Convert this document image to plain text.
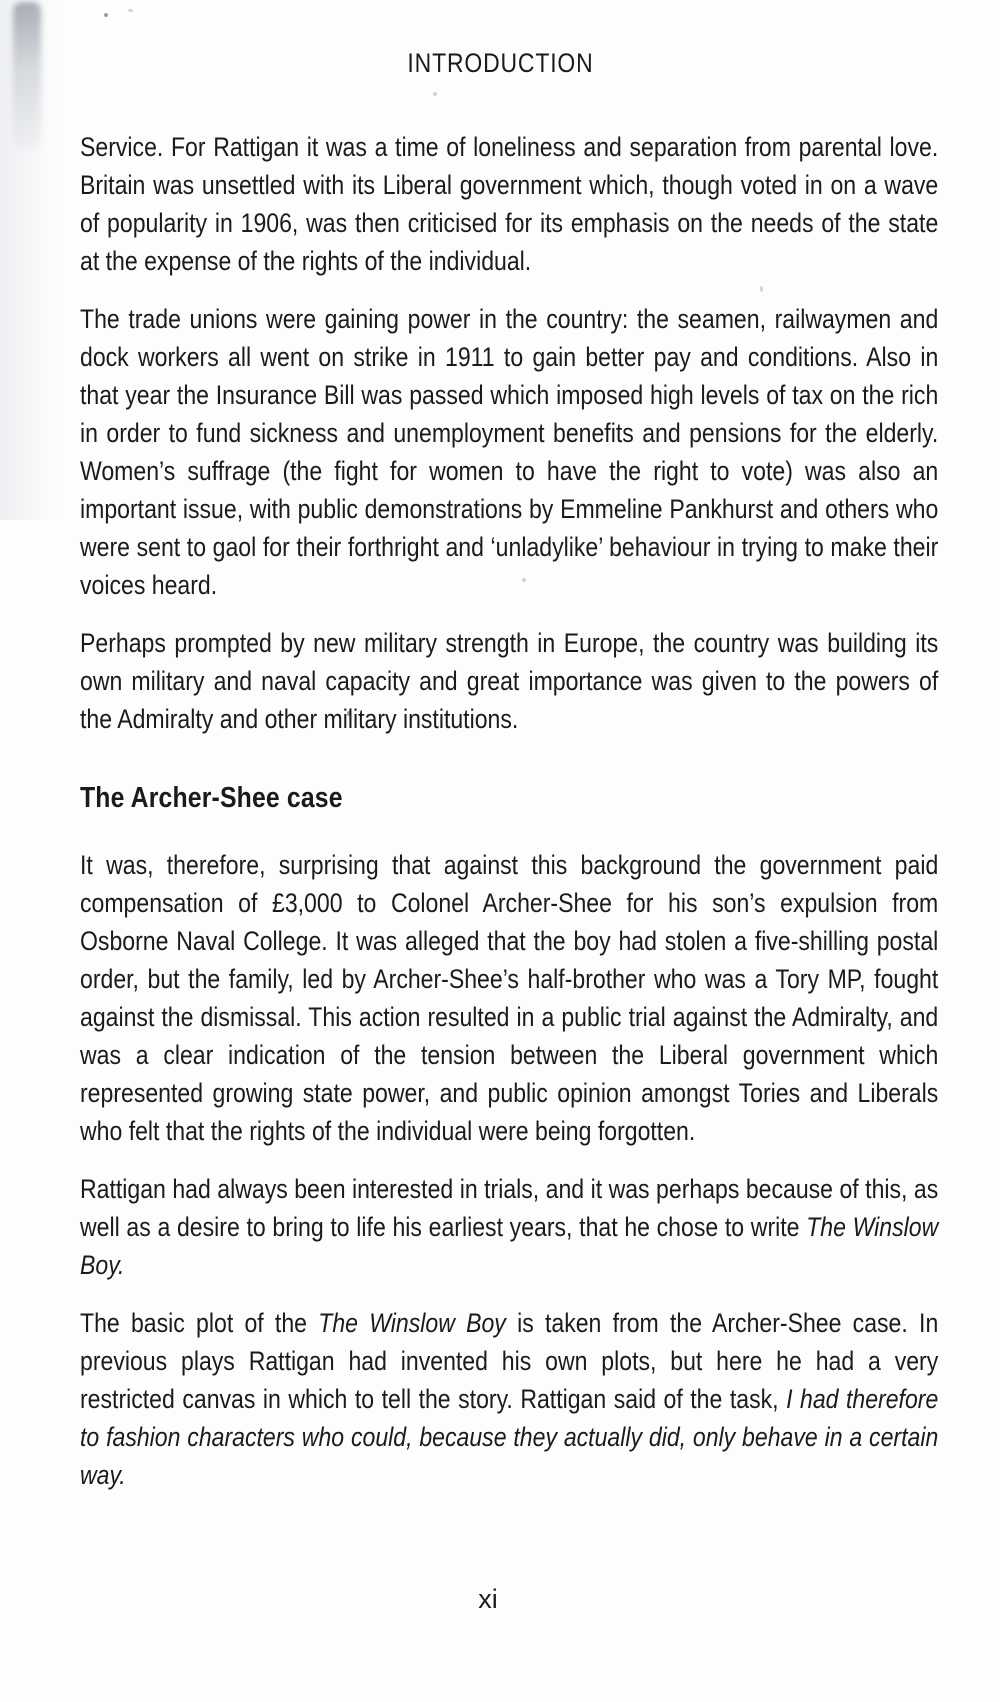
INTRODUCTION

Service. For Rattigan it was a time of loneliness and separation from parental love. Britain was unsettled with its Liberal government which, though voted in on a wave of popularity in 1906, was then criticised for its emphasis on the needs of the state at the expense of the rights of the individual.

The trade unions were gaining power in the country: the seamen, railwaymen and dock workers all went on strike in 1911 to gain better pay and conditions. Also in that year the Insurance Bill was passed which imposed high levels of tax on the rich in order to fund sickness and unemployment benefits and pensions for the elderly. Women’s suffrage (the fight for women to have the right to vote) was also an important issue, with public demonstrations by Emmeline Pankhurst and others who were sent to gaol for their forthright and ‘unladylike’ behaviour in trying to make their voices heard.

Perhaps prompted by new military strength in Europe, the country was building its own military and naval capacity and great importance was given to the powers of the Admiralty and other military institutions.

The Archer-Shee case

It was, therefore, surprising that against this background the government paid compensation of £3,000 to Colonel Archer-Shee for his son’s expulsion from Osborne Naval College. It was alleged that the boy had stolen a five-shilling postal order, but the family, led by Archer-Shee’s half-brother who was a Tory MP, fought against the dismissal. This action resulted in a public trial against the Admiralty, and was a clear indication of the tension between the Liberal government which represented growing state power, and public opinion amongst Tories and Liberals who felt that the rights of the individual were being forgotten.

Rattigan had always been interested in trials, and it was perhaps because of this, as well as a desire to bring to life his earliest years, that he chose to write The Winslow Boy.

The basic plot of the The Winslow Boy is taken from the Archer-Shee case. In previous plays Rattigan had invented his own plots, but here he had a very restricted canvas in which to tell the story. Rattigan said of the task, I had therefore to fashion characters who could, because they actually did, only behave in a certain way.

xi
